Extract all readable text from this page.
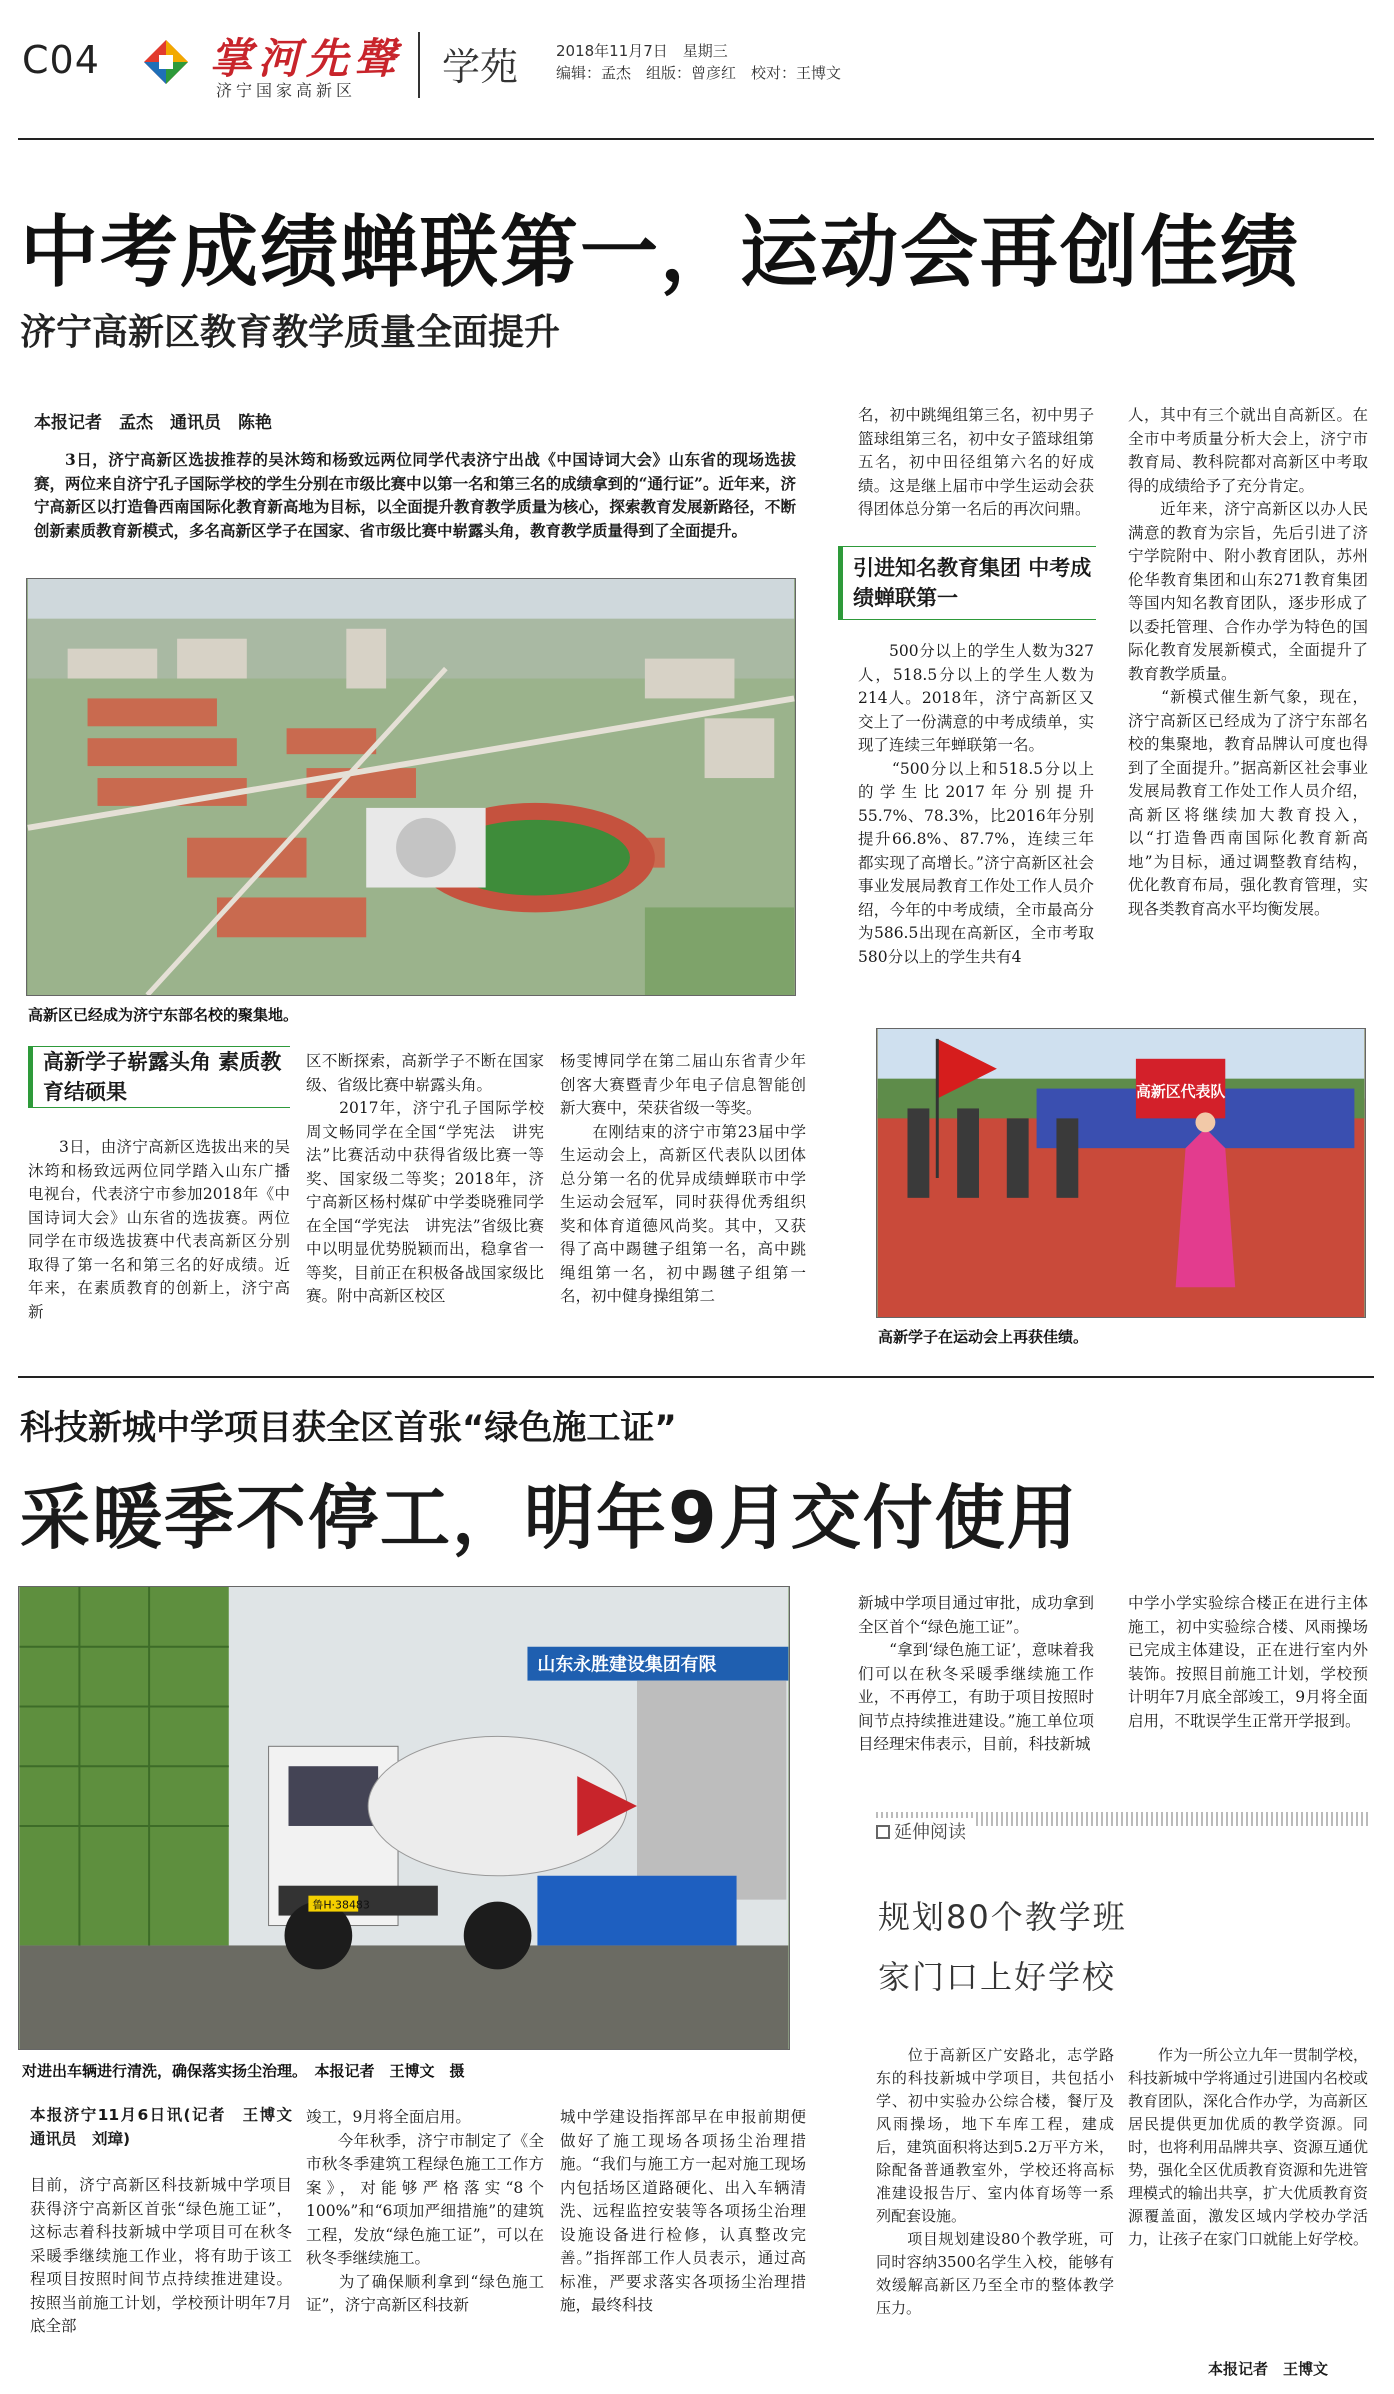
C04	掌河先聲
济宁国家高新区
学苑	2018年11月7日　星期三
编辑：孟杰　组版：曾彦红　校对：王博文
中考成绩蝉联第一，运动会再创佳绩
济宁高新区教育教学质量全面提升
本报记者　孟杰　通讯员　陈艳
3日，济宁高新区选拔推荐的吴沐筠和杨致远两位同学代表济宁出战《中国诗词大会》山东省的现场选拔赛，两位来自济宁孔子国际学校的学生分别在市级比赛中以第一名和第三名的成绩拿到的“通行证”。近年来，济宁高新区以打造鲁西南国际化教育新高地为目标，以全面提升教育教学质量为核心，探索教育发展新路径，不断创新素质教育新模式，多名高新区学子在国家、省市级比赛中崭露头角，教育教学质量得到了全面提升。
高新区已经成为济宁东部名校的聚集地。
高新学子崭露头角 素质教育结硕果
3日，由济宁高新区选拔出来的吴沐筠和杨致远两位同学踏入山东广播电视台，代表济宁市参加2018年《中国诗词大会》山东省的选拔赛。两位同学在市级选拔赛中代表高新区分别取得了第一名和第三名的好成绩。近年来，在素质教育的创新上，济宁高新
区不断探索，高新学子不断在国家级、省级比赛中崭露头角。
　　2017年，济宁孔子国际学校周文畅同学在全国“学宪法　讲宪法”比赛活动中获得省级比赛一等奖、国家级二等奖；2018年，济宁高新区杨村煤矿中学娄晓雅同学在全国“学宪法　讲宪法”省级比赛中以明显优势脱颖而出，稳拿省一等奖，目前正在积极备战国家级比赛。附中高新区校区
杨雯博同学在第二届山东省青少年创客大赛暨青少年电子信息智能创新大赛中，荣获省级一等奖。
　　在刚结束的济宁市第23届中学生运动会上，高新区代表队以团体总分第一名的优异成绩蝉联市中学生运动会冠军，同时获得优秀组织奖和体育道德风尚奖。其中，又获得了高中踢毽子组第一名，高中跳绳组第一名，初中踢毽子组第一名，初中健身操组第二
名，初中跳绳组第三名，初中男子篮球组第三名，初中女子篮球组第五名，初中田径组第六名的好成绩。这是继上届市中学生运动会获得团体总分第一名后的再次问鼎。
引进知名教育集团 中考成绩蝉联第一
500分以上的学生人数为327人，518.5分以上的学生人数为214人。2018年，济宁高新区又交上了一份满意的中考成绩单，实现了连续三年蝉联第一名。
　　“500分以上和518.5分以上的学生比2017年分别提升55.7%、78.3%，比2016年分别提升66.8%、87.7%，连续三年都实现了高增长。”济宁高新区社会事业发展局教育工作处工作人员介绍，今年的中考成绩，全市最高分为586.5出现在高新区，全市考取580分以上的学生共有4
人，其中有三个就出自高新区。在全市中考质量分析大会上，济宁市教育局、教科院都对高新区中考取得的成绩给予了充分肯定。
　　近年来，济宁高新区以办人民满意的教育为宗旨，先后引进了济宁学院附中、附小教育团队，苏州伦华教育集团和山东271教育集团等国内知名教育团队，逐步形成了以委托管理、合作办学为特色的国际化教育发展新模式，全面提升了教育教学质量。
　　“新模式催生新气象，现在，济宁高新区已经成为了济宁东部名校的集聚地，教育品牌认可度也得到了全面提升。”据高新区社会事业发展局教育工作处工作人员介绍，高新区将继续加大教育投入，以“打造鲁西南国际化教育新高地”为目标，通过调整教育结构，优化教育布局，强化教育管理，实现各类教育高水平均衡发展。
高新区代表队
高新学子在运动会上再获佳绩。
科技新城中学项目获全区首张“绿色施工证”
采暖季不停工，明年9月交付使用
山东永胜建设集团有限
鲁H·38483
对进出车辆进行清洗，确保落实扬尘治理。　本报记者　王博文　摄
本报济宁11月6日讯(记者　王博文　通讯员　刘璋)
目前，济宁高新区科技新城中学项目获得济宁高新区首张“绿色施工证”，这标志着科技新城中学项目可在秋冬采暖季继续施工作业，将有助于该工程项目按照时间节点持续推进建设。按照当前施工计划，学校预计明年7月底全部
竣工，9月将全面启用。
　　今年秋季，济宁市制定了《全市秋冬季建筑工程绿色施工工作方案》，对能够严格落实“8个100%”和“6项加严细措施”的建筑工程，发放“绿色施工证”，可以在秋冬季继续施工。
　　为了确保顺利拿到“绿色施工证”，济宁高新区科技新
城中学建设指挥部早在申报前期便做好了施工现场各项扬尘治理措施。“我们与施工方一起对施工现场内包括场区道路硬化、出入车辆清洗、远程监控安装等各项扬尘治理设施设备进行检修，认真整改完善。”指挥部工作人员表示，通过高标准，严要求落实各项扬尘治理措施，最终科技
新城中学项目通过审批，成功拿到全区首个“绿色施工证”。
　　“拿到‘绿色施工证’，意味着我们可以在秋冬采暖季继续施工作业，不再停工，有助于项目按照时间节点持续推进建设。”施工单位项目经理宋伟表示，目前，科技新城
中学小学实验综合楼正在进行主体施工，初中实验综合楼、风雨操场已完成主体建设，正在进行室内外装饰。按照目前施工计划，学校预计明年7月底全部竣工，9月将全面启用，不耽误学生正常开学报到。
延伸阅读
规划80个教学班
家门口上好学校
　　位于高新区广安路北，志学路东的科技新城中学项目，共包括小学、初中实验办公综合楼，餐厅及风雨操场，地下车库工程，建成后，建筑面积将达到5.2万平方米，除配备普通教室外，学校还将高标准建设报告厅、室内体育场等一系列配套设施。
　　项目规划建设80个教学班，可同时容纳3500名学生入校，能够有效缓解高新区乃至全市的整体教学压力。
　　作为一所公立九年一贯制学校，科技新城中学将通过引进国内名校或教育团队，深化合作办学，为高新区居民提供更加优质的教学资源。同时，也将利用品牌共享、资源互通优势，强化全区优质教育资源和先进管理模式的输出共享，扩大优质教育资源覆盖面，激发区域内学校办学活力，让孩子在家门口就能上好学校。
本报记者　王博文
